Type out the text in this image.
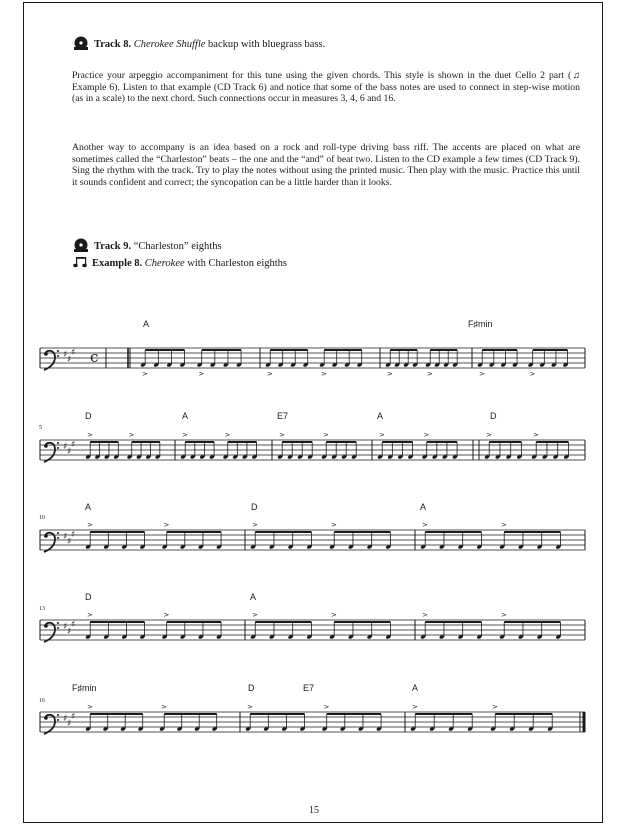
Track 8. Cherokee Shuffle backup with bluegrass bass.

Practice your arpeggio accompaniment for this tune using the given chords. This style is shown in the duet Cello 2 part (♫ Example 6). Listen to that example (CD Track 6) and notice that some of the bass notes are used to connect in step-wise motion (as in a scale) to the next chord. Such connections occur in measures 3, 4, 6 and 16.

Another way to accompany is an idea based on a rock and roll-type driving bass riff. The accents are placed on what are sometimes called the “Charleston” beats – the one and the “and” of beat two. Listen to the CD example a few times (CD Track 9). Sing the rhythm with the track. Try to play the notes without using the printed music. Then play with the music. Practice this until it sounds confident and correct; the syncopation can be a little harder than it looks.

Track 9. “Charleston” eighths
Example 8. Cherokee with Charleston eighths
A	F♯min
5
D	A	E7	A	D
10
A	D	A
13
D	A
16
F♯min	D	E7	A
♯ ♯
♯ c
>	>	>	>	>	>	>	>
♯ ♯
♯
>	>	>	>	>	>	>	>	>	>
♯ ♯
♯
>	>	>	>	>	>
♯ ♯
♯
>	>	>	>	>	>
♯ ♯
♯
>	>	>	>	>	>
15
